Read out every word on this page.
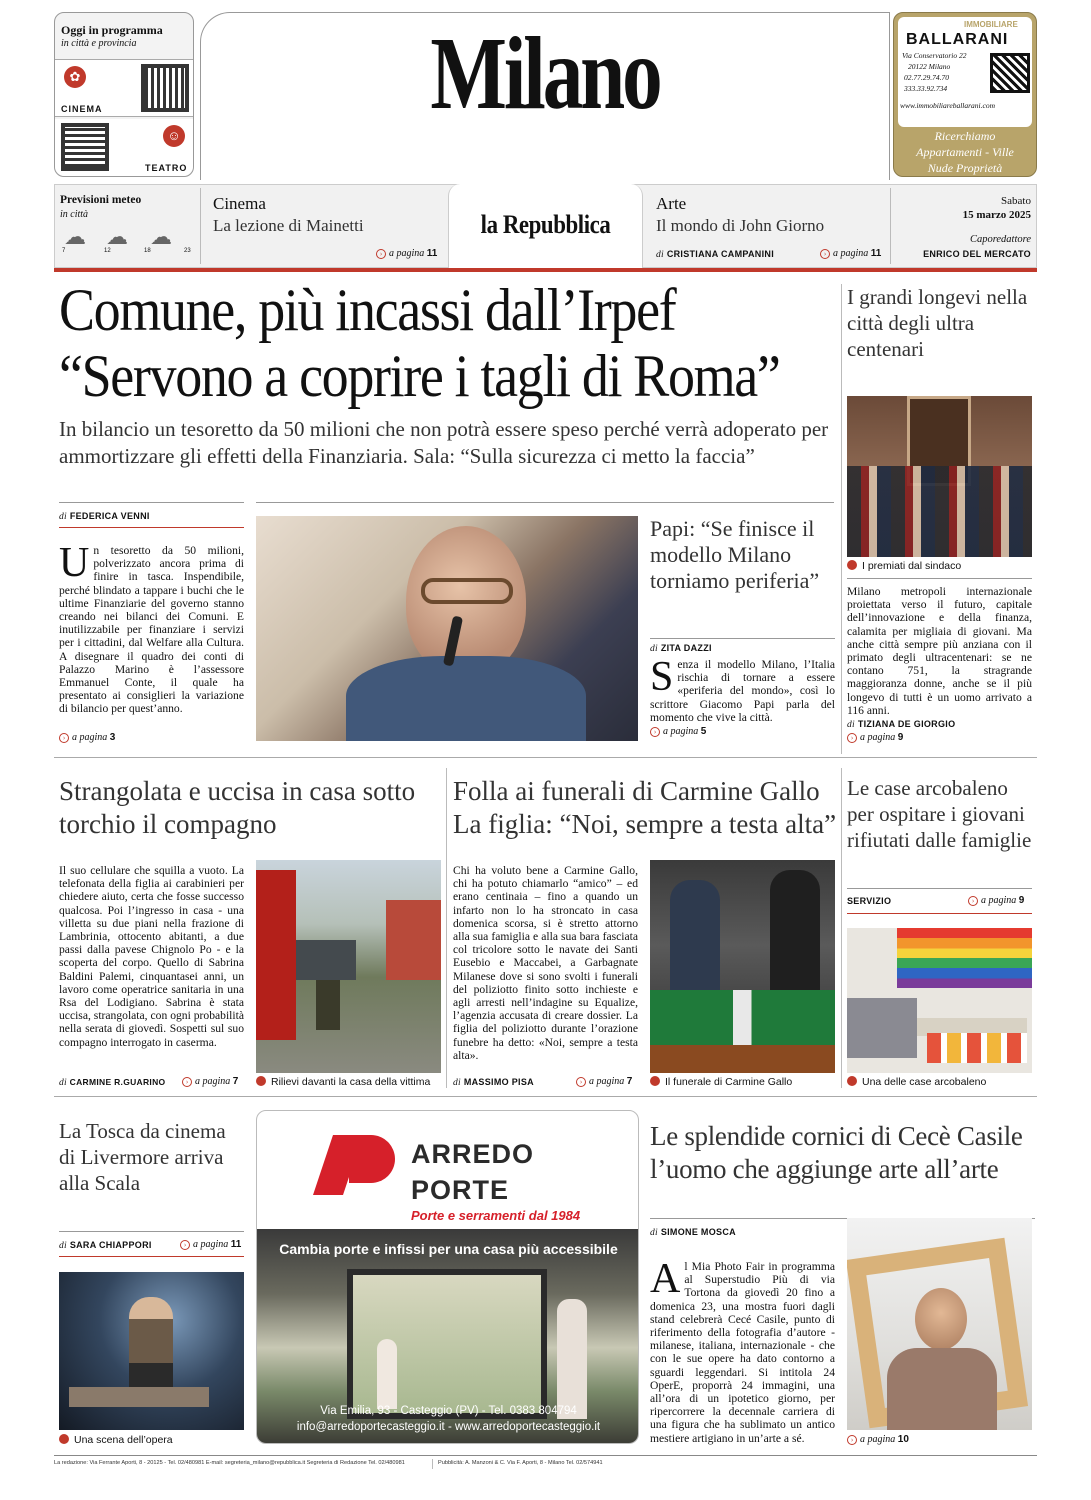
Oggi in programma
in città e provincia
✿
CINEMA
☺
TEATRO
Milano	IMMOBILIARE
BALLARANI
Via Conservatorio 22
20122 Milano
02.77.29.74.70
333.33.92.734
www.immobiliareballarani.com
Ricerchiamo
Appartamenti - Ville
Nude Proprietà
Previsioni meteo
in città
☁ ☁ ☁
7	12	18	23
Cinema
La lezione di Mainetti
› a pagina 11
la Repubblica
Arte
Il mondo di John Giorno
di CRISTIANA CAMPANINI	› a pagina 11
Sabato
15 marzo 2025
Caporedattore
ENRICO DEL MERCATO
Comune, più incassi dall’Irpef
“Servono a coprire i tagli di Roma”
In bilancio un tesoretto da 50 milioni che non potrà essere speso perché verrà adoperato per ammortizzare gli effetti della Finanziaria. Sala: “Sulla sicurezza ci metto la faccia”
di FEDERICA VENNI
Un tesoretto da 50 milioni, polverizzato ancora prima di finire in tasca. Inspendibile, perché blindato a tappare i buchi che le ultime Finanziarie del governo stanno creando nei bilanci dei Comuni. E inutilizzabile per finanziare i servizi per i cittadini, dal Welfare alla Cultura. A disegnare il quadro dei conti di Palazzo Marino è l’assessore Emmanuel Conte, il quale ha presentato ai consiglieri la variazione di bilancio per quest’anno.
› a pagina 3
Papi: “Se finisce il modello Milano torniamo periferia”
di ZITA DAZZI
Senza il modello Milano, l’Italia rischia di tornare a essere «periferia del mondo», così lo scrittore Giacomo Papi parla del momento che vive la città.
› a pagina 5
I grandi longevi nella città degli ultra centenari
I premiati dal sindaco
Milano metropoli internazionale proiettata verso il futuro, capitale dell’innovazione e della finanza, calamita per migliaia di giovani. Ma anche città sempre più anziana con il primato degli ultracentenari: se ne contano 751, la stragrande maggioranza donne, anche se il più longevo di tutti è un uomo arrivato a 116 anni.
di TIZIANA DE GIORGIO
› a pagina 9
Strangolata e uccisa in casa sotto torchio il compagno
Il suo cellulare che squilla a vuoto. La telefonata della figlia ai carabinieri per chiedere aiuto, certa che fosse successo qualcosa. Poi l’ingresso in casa - una villetta su due piani nella frazione di Lambrinia, ottocento abitanti, a due passi dalla pavese Chignolo Po - e la scoperta del corpo. Quello di Sabrina Baldini Palemi, cinquantasei anni, un lavoro come operatrice sanitaria in una Rsa del Lodigiano. Sabrina è stata uccisa, strangolata, con ogni probabilità nella serata di giovedì. Sospetti sul suo compagno interrogato in caserma.
di CARMINE R.GUARINO	› a pagina 7	Rilievi davanti la casa della vittima
Folla ai funerali di Carmine Gallo La figlia: “Noi, sempre a testa alta”
Chi ha voluto bene a Carmine Gallo, chi ha potuto chiamarlo “amico” – ed erano centinaia – fino a quando un infarto non lo ha stroncato in casa domenica scorsa, si è stretto attorno alla sua famiglia e alla sua bara fasciata col tricolore sotto le navate dei Santi Eusebio e Maccabei, a Garbagnate Milanese dove si sono svolti i funerali del poliziotto finito sotto inchieste e agli arresti nell’indagine su Equalize, l’agenzia accusata di creare dossier. La figlia del poliziotto durante l’orazione funebre ha detto: «Noi, sempre a testa alta».
di MASSIMO PISA	› a pagina 7	Il funerale di Carmine Gallo
Le case arcobaleno per ospitare i giovani rifiutati dalle famiglie
SERVIZIO	› a pagina 9
Una delle case arcobaleno
La Tosca da cinema di Livermore arriva alla Scala
di SARA CHIAPPORI	› a pagina 11
Una scena dell’opera
ARREDO
PORTE
Porte e serramenti dal 1984
Cambia porte e infissi per una casa più accessibile
Via Emilia, 93 - Casteggio (PV) - Tel. 0383 804794
info@arredoportecasteggio.it - www.arredoportecasteggio.it
Le splendide cornici di Cecè Casile l’uomo che aggiunge arte all’arte
di SIMONE MOSCA
Al Mia Photo Fair in programma al Superstudio Più di via Tortona da giovedì 20 fino a domenica 23, una mostra fuori dagli stand celebrerà Cecé Casile, punto di riferimento della fotografia d’autore - milanese, italiana, internazionale - che con le sue opere ha dato contorno a sguardi leggendari. Si intitola 24 OperE, proporrà 24 immagini, una all’ora di un ipotetico giorno, per ripercorrere la decennale carriera di una figura che ha sublimato un antico mestiere artigiano in un’arte a sé.	› a pagina 10
La redazione: Via Ferrante Aporti, 8 - 20125 - Tel. 02/480981 E-mail: segreteria_milano@repubblica.it Segreteria di Redazione Tel. 02/480981	Pubblicità: A. Manzoni & C. Via F. Aporti, 8 - Milano Tel. 02/574941
